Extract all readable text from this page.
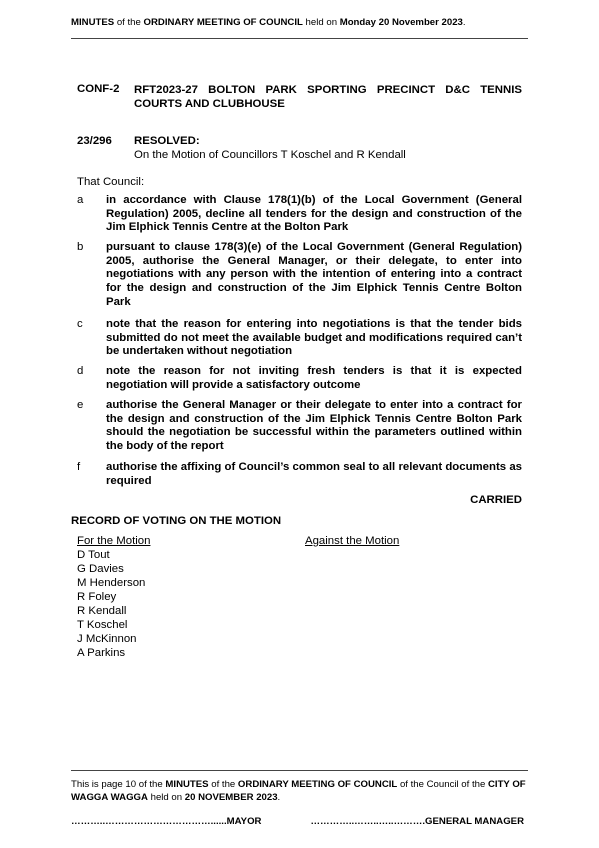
MINUTES of the ORDINARY MEETING OF COUNCIL held on Monday 20 November 2023.
CONF-2 RFT2023-27 BOLTON PARK SPORTING PRECINCT D&C TENNIS COURTS AND CLUBHOUSE
23/296 RESOLVED:
On the Motion of Councillors T Koschel and R Kendall
That Council:
a in accordance with Clause 178(1)(b) of the Local Government (General Regulation) 2005, decline all tenders for the design and construction of the Jim Elphick Tennis Centre at the Bolton Park
b pursuant to clause 178(3)(e) of the Local Government (General Regulation) 2005, authorise the General Manager, or their delegate, to enter into negotiations with any person with the intention of entering into a contract for the design and construction of the Jim Elphick Tennis Centre Bolton Park
c note that the reason for entering into negotiations is that the tender bids submitted do not meet the available budget and modifications required can’t be undertaken without negotiation
d note the reason for not inviting fresh tenders is that it is expected negotiation will provide a satisfactory outcome
e authorise the General Manager or their delegate to enter into a contract for the design and construction of the Jim Elphick Tennis Centre Bolton Park should the negotiation be successful within the parameters outlined within the body of the report
f authorise the affixing of Council’s common seal to all relevant documents as required
CARRIED
RECORD OF VOTING ON THE MOTION
For the Motion	Against the Motion
D Tout
G Davies
M Henderson
R Foley
R Kendall
T Koschel
J McKinnon
A Parkins
This is page 10 of the MINUTES of the ORDINARY MEETING OF COUNCIL of the Council of the CITY OF WAGGA WAGGA held on 20 NOVEMBER 2023.
………..……………………………......MAYOR	…………..……..…..……….GENERAL MANAGER
